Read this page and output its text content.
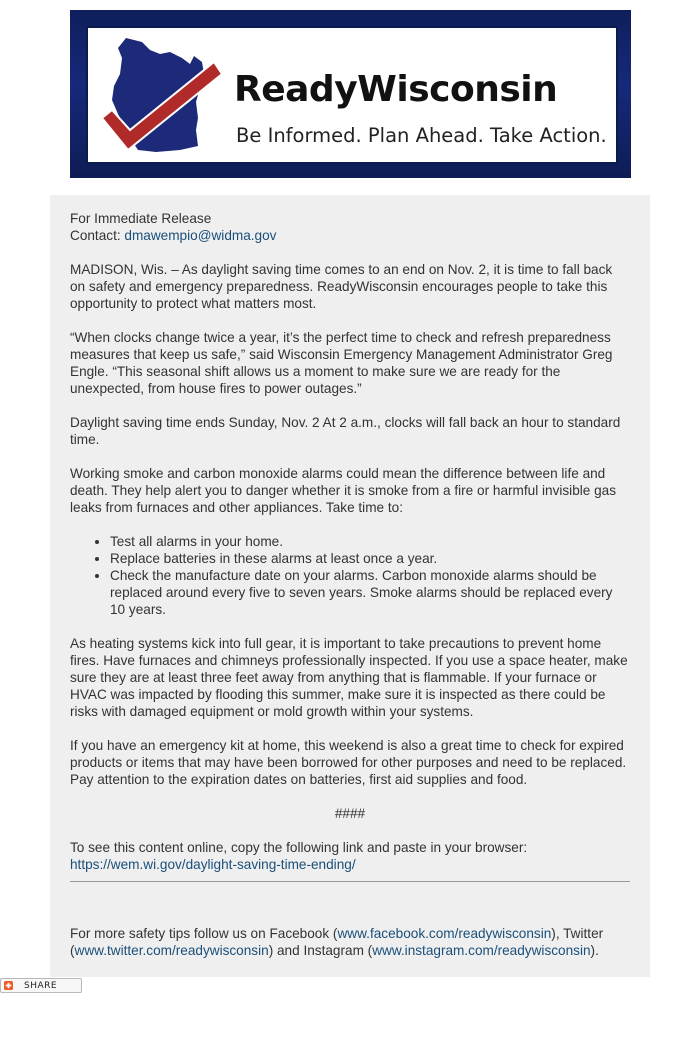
ReadyWisconsin
Be Informed. Plan Ahead. Take Action.

For Immediate Release
Contact: dmawempio@widma.gov

MADISON, Wis. – As daylight saving time comes to an end on Nov. 2, it is time to fall back on safety and emergency preparedness. ReadyWisconsin encourages people to take this opportunity to protect what matters most.

“When clocks change twice a year, it’s the perfect time to check and refresh preparedness measures that keep us safe,” said Wisconsin Emergency Management Administrator Greg Engle. “This seasonal shift allows us a moment to make sure we are ready for the unexpected, from house fires to power outages.”

Daylight saving time ends Sunday, Nov. 2 At 2 a.m., clocks will fall back an hour to standard time.

Working smoke and carbon monoxide alarms could mean the difference between life and death. They help alert you to danger whether it is smoke from a fire or harmful invisible gas leaks from furnaces and other appliances. Take time to:

• Test all alarms in your home.
• Replace batteries in these alarms at least once a year.
• Check the manufacture date on your alarms. Carbon monoxide alarms should be replaced around every five to seven years. Smoke alarms should be replaced every 10 years.

As heating systems kick into full gear, it is important to take precautions to prevent home fires. Have furnaces and chimneys professionally inspected. If you use a space heater, make sure they are at least three feet away from anything that is flammable. If your furnace or HVAC was impacted by flooding this summer, make sure it is inspected as there could be risks with damaged equipment or mold growth within your systems.

If you have an emergency kit at home, this weekend is also a great time to check for expired products or items that may have been borrowed for other purposes and need to be replaced. Pay attention to the expiration dates on batteries, first aid supplies and food.

####

To see this content online, copy the following link and paste in your browser:
https://wem.wi.gov/daylight-saving-time-ending/

For more safety tips follow us on Facebook (www.facebook.com/readywisconsin), Twitter (www.twitter.com/readywisconsin) and Instagram (www.instagram.com/readywisconsin).

SHARE
